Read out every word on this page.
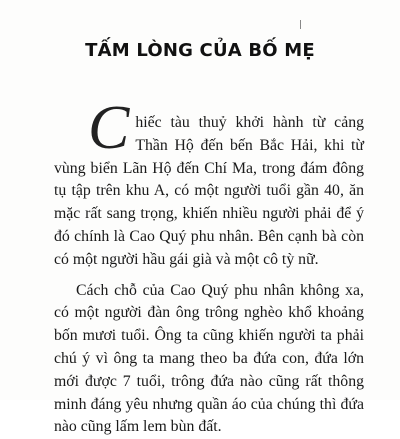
TẤM LÒNG CỦA BỐ MẸ

Chiếc tàu thuỷ khởi hành từ cảng Thần Hộ đến bến Bắc Hải, khi từ vùng biển Lãn Hộ đến Chí Ma, trong đám đông tụ tập trên khu A, có một người tuổi gần 40, ăn mặc rất sang trọng, khiến nhiều người phải để ý đó chính là Cao Quý phu nhân. Bên cạnh bà còn có một người hầu gái già và một cô tỳ nữ.

Cách chỗ của Cao Quý phu nhân không xa, có một người đàn ông trông nghèo khổ khoảng bốn mươi tuổi. Ông ta cũng khiến người ta phải chú ý vì ông ta mang theo ba đứa con, đứa lớn mới được 7 tuổi, trông đứa nào cũng rất thông minh đáng yêu nhưng quần áo của chúng thì đứa nào cũng lấm lem bùn đất.
